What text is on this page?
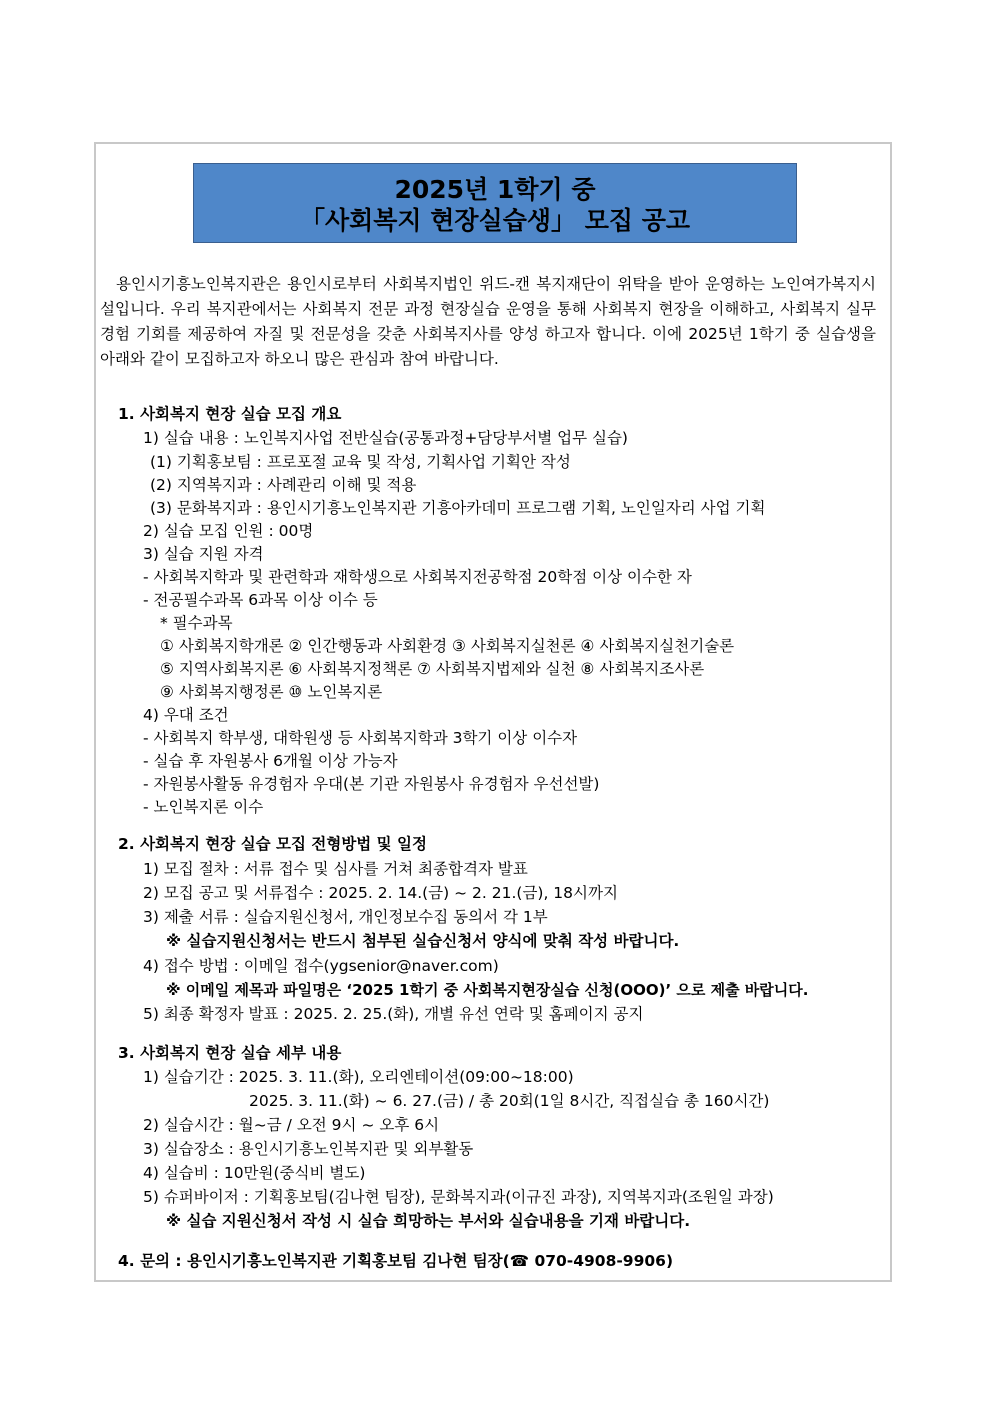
2025년 1학기 중
「사회복지 현장실습생」 모집 공고

용인시기흥노인복지관은 용인시로부터 사회복지법인 위드-캔 복지재단이 위탁을 받아 운영하는 노인여가복지시설입니다. 우리 복지관에서는 사회복지 전문 과정 현장실습 운영을 통해 사회복지 현장을 이해하고, 사회복지 실무경험 기회를 제공하여 자질 및 전문성을 갖춘 사회복지사를 양성 하고자 합니다. 이에 2025년 1학기 중 실습생을 아래와 같이 모집하고자 하오니 많은 관심과 참여 바랍니다.

1. 사회복지 현장 실습 모집 개요
1) 실습 내용 : 노인복지사업 전반실습(공통과정+담당부서별 업무 실습)
(1) 기획홍보팀 : 프로포절 교육 및 작성, 기획사업 기획안 작성
(2) 지역복지과 : 사례관리 이해 및 적용
(3) 문화복지과 : 용인시기흥노인복지관 기흥아카데미 프로그램 기획, 노인일자리 사업 기획
2) 실습 모집 인원 : 00명
3) 실습 지원 자격
- 사회복지학과 및 관련학과 재학생으로 사회복지전공학점 20학점 이상 이수한 자
- 전공필수과목 6과목 이상 이수 등
* 필수과목
① 사회복지학개론 ② 인간행동과 사회환경 ③ 사회복지실천론 ④ 사회복지실천기술론
⑤ 지역사회복지론 ⑥ 사회복지정책론 ⑦ 사회복지법제와 실천 ⑧ 사회복지조사론
⑨ 사회복지행정론 ⑩ 노인복지론
4) 우대 조건
- 사회복지 학부생, 대학원생 등 사회복지학과 3학기 이상 이수자
- 실습 후 자원봉사 6개월 이상 가능자
- 자원봉사활동 유경험자 우대(본 기관 자원봉사 유경험자 우선선발)
- 노인복지론 이수
2. 사회복지 현장 실습 모집 전형방법 및 일정
1) 모집 절차 : 서류 접수 및 심사를 거쳐 최종합격자 발표
2) 모집 공고 및 서류접수 : 2025. 2. 14.(금) ~ 2. 21.(금), 18시까지
3) 제출 서류 : 실습지원신청서, 개인정보수집 동의서 각 1부
※ 실습지원신청서는 반드시 첨부된 실습신청서 양식에 맞춰 작성 바랍니다.
4) 접수 방법 : 이메일 접수(ygsenior@naver.com)
※ 이메일 제목과 파일명은 ‘2025 1학기 중 사회복지현장실습 신청(OOO)’ 으로 제출 바랍니다.
5) 최종 확정자 발표 : 2025. 2. 25.(화), 개별 유선 연락 및 홈페이지 공지
3. 사회복지 현장 실습 세부 내용
1) 실습기간 : 2025. 3. 11.(화), 오리엔테이션(09:00~18:00)
2025. 3. 11.(화) ~ 6. 27.(금) / 총 20회(1일 8시간, 직접실습 총 160시간)
2) 실습시간 : 월~금 / 오전 9시 ~ 오후 6시
3) 실습장소 : 용인시기흥노인복지관 및 외부활동
4) 실습비 : 10만원(중식비 별도)
5) 슈퍼바이저 : 기획홍보팀(김나현 팀장), 문화복지과(이규진 과장), 지역복지과(조원일 과장)
※ 실습 지원신청서 작성 시 실습 희망하는 부서와 실습내용을 기재 바랍니다.
4. 문의 : 용인시기흥노인복지관 기획홍보팀 김나현 팀장(☎ 070-4908-9906)
